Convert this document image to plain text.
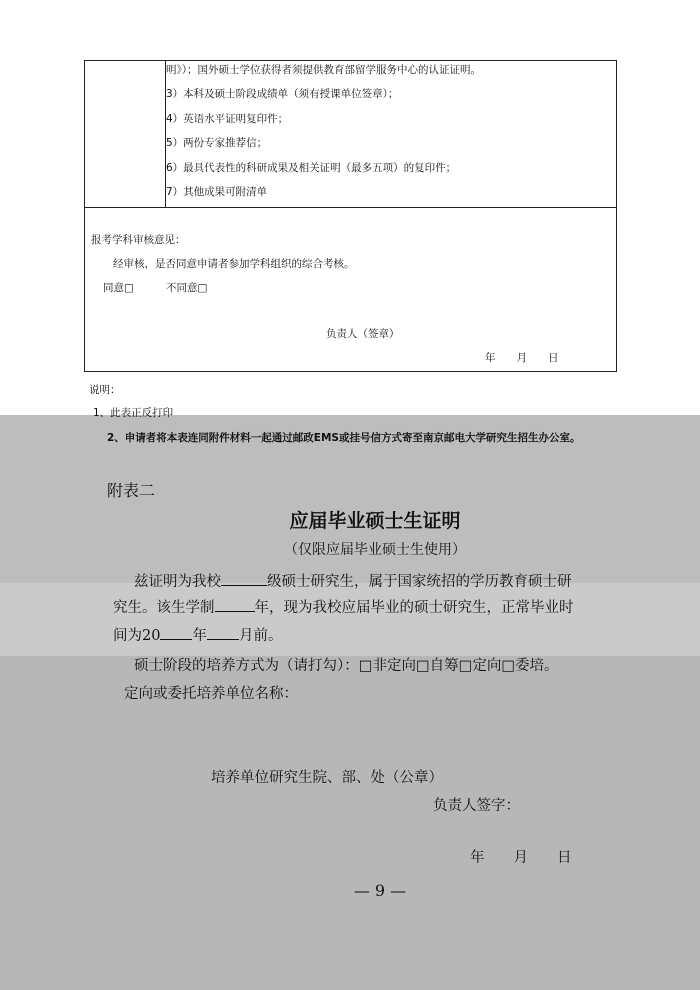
明》）；国外硕士学位获得者须提供教育部留学服务中心的认证证明。
3）本科及硕士阶段成绩单（须有授课单位签章）；
4）英语水平证明复印件；
5）两份专家推荐信；
6）最具代表性的科研成果及相关证明（最多五项）的复印件；
7）其他成果可附清单

报考学科审核意见：
经审核，是否同意申请者参加学科组织的综合考核。
同意□	不同意□
负责人（签章）
年　　月　　日
说明：
1、此表正反打印
2、申请者将本表连同附件材料一起通过邮政EMS或挂号信方式寄至南京邮电大学研究生招生办公室。
附表二
应届毕业硕士生证明
（仅限应届毕业硕士生使用）
兹证明为我校	级硕士研究生，属于国家统招的学历教育硕士研
究生。该生学制	年，现为我校应届毕业的硕士研究生，正常毕业时
间为20 年 月前。
硕士阶段的培养方式为（请打勾）：□非定向□自筹□定向□委培。
定向或委托培养单位名称：
培养单位研究生院、部、处（公章）
负责人签字：
年　　月　　日
— 9 —
